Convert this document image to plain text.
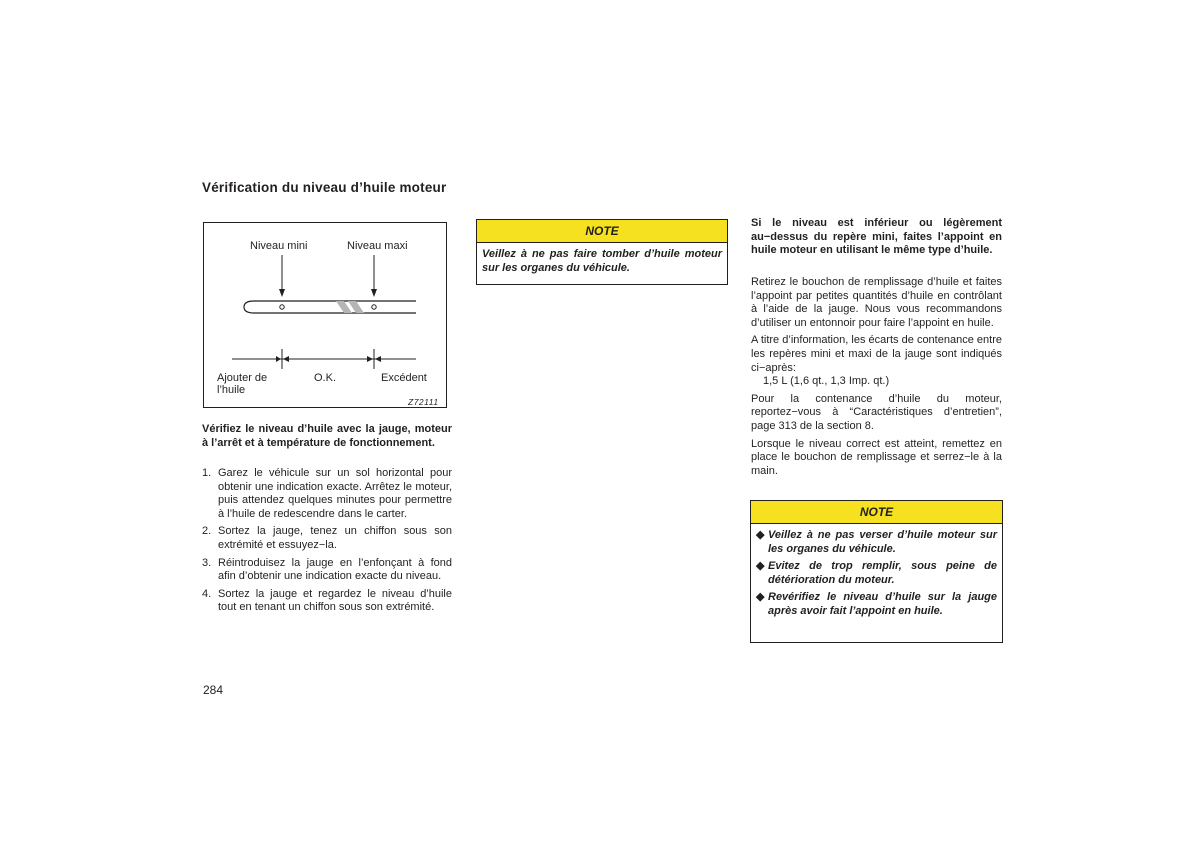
Vérification du niveau d’huile moteur
Niveau mini	Niveau maxi
Ajouter de
l’huile
O.K.	Excédent
Z72111
Vérifiez le niveau d’huile avec la jauge, moteur à l’arrêt et à température de fonctionnement.
1. Garez le véhicule sur un sol horizontal pour obtenir une indication exacte. Arrêtez le moteur, puis attendez quelques minutes pour permettre à l’huile de redescendre dans le carter.
2. Sortez la jauge, tenez un chiffon sous son extrémité et essuyez−la.
3. Réintroduisez la jauge en l’enfonçant à fond afin d’obtenir une indication exacte du niveau.
4. Sortez la jauge et regardez le niveau d’huile tout en tenant un chiffon sous son extrémité.
284
NOTE
Veillez à ne pas faire tomber d’huile moteur sur les organes du véhicule.
Si le niveau est inférieur ou légèrement au−dessus du repère mini, faites l’appoint en huile moteur en utilisant le même type d’huile.

Retirez le bouchon de remplissage d’huile et faites l’appoint par petites quantités d’huile en contrôlant à l’aide de la jauge. Nous vous recommandons d’utiliser un entonnoir pour faire l’appoint en huile.

A titre d’information, les écarts de contenance entre les repères mini et maxi de la jauge sont indiqués ci−après:

1,5 L (1,6 qt., 1,3 Imp. qt.)

Pour la contenance d’huile du moteur, reportez−vous à “Caractéristiques d’entretien”, page 313 de la section 8.

Lorsque le niveau correct est atteint, remettez en place le bouchon de remplissage et serrez−le à la main.

NOTE
◆ Veillez à ne pas verser d’huile moteur sur les organes du véhicule.
◆ Evitez de trop remplir, sous peine de détérioration du moteur.
◆ Revérifiez le niveau d’huile sur la jauge après avoir fait l’appoint en huile.
